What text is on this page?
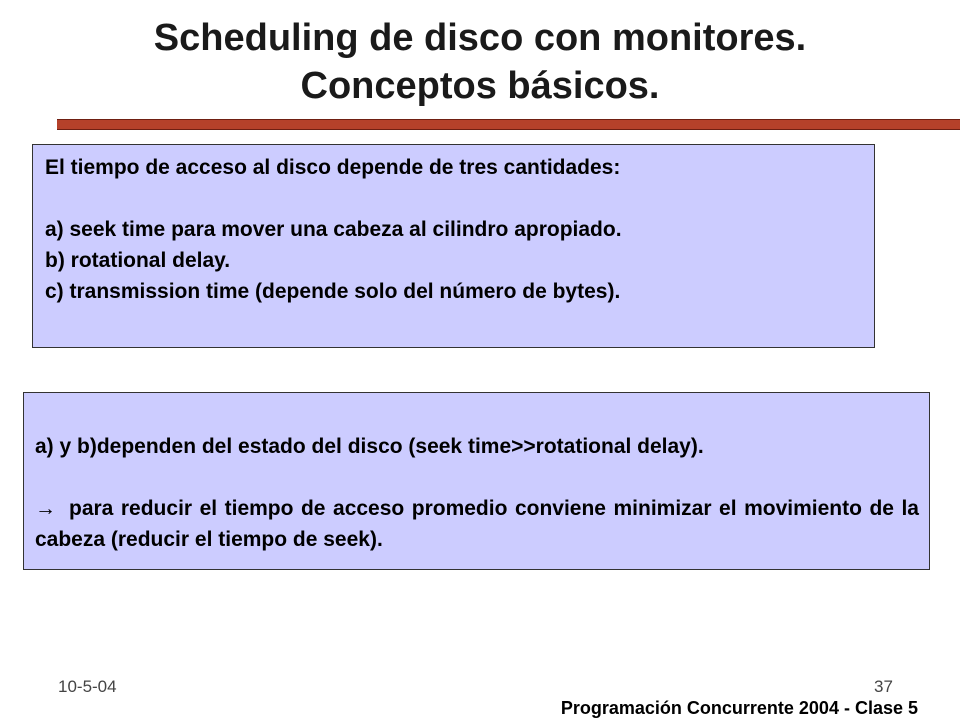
Scheduling de disco con monitores.
Conceptos básicos.
El tiempo de acceso al disco depende de tres cantidades:
a) seek time para mover una cabeza al cilindro apropiado.
b) rotational delay.
c) transmission time (depende solo del número de bytes).
a) y b)dependen del estado del disco (seek time>>rotational delay).
→ para reducir el tiempo de acceso promedio conviene minimizar el movimiento de la cabeza (reducir el tiempo de seek).
10-5-04	37
Programación Concurrente 2004 - Clase 5
